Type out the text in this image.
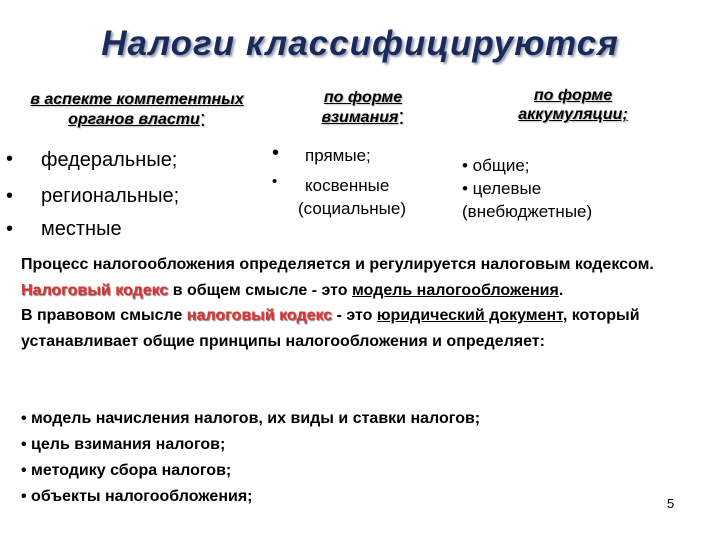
Налоги классифицируются
в аспекте компетентных
органов власти:
•
•
•
федеральные;
региональные;
местные
по форме
взимания:
•
•
прямые;
косвенные
(социальные)
по форме
аккумуляции;
• общие;
• целевые
(внебюджетные)
Процесс налогообложения определяется и регулируется налоговым кодексом.
Налоговый кодекс в общем смысле - это модель налогообложения.
В правовом смысле налоговый кодекс - это юридический документ, который устанавливает общие принципы налогообложения и определяет:
• модель начисления налогов, их виды и ставки налогов;
• цель взимания налогов;
• методику сбора налогов;
• объекты налогообложения;	5
